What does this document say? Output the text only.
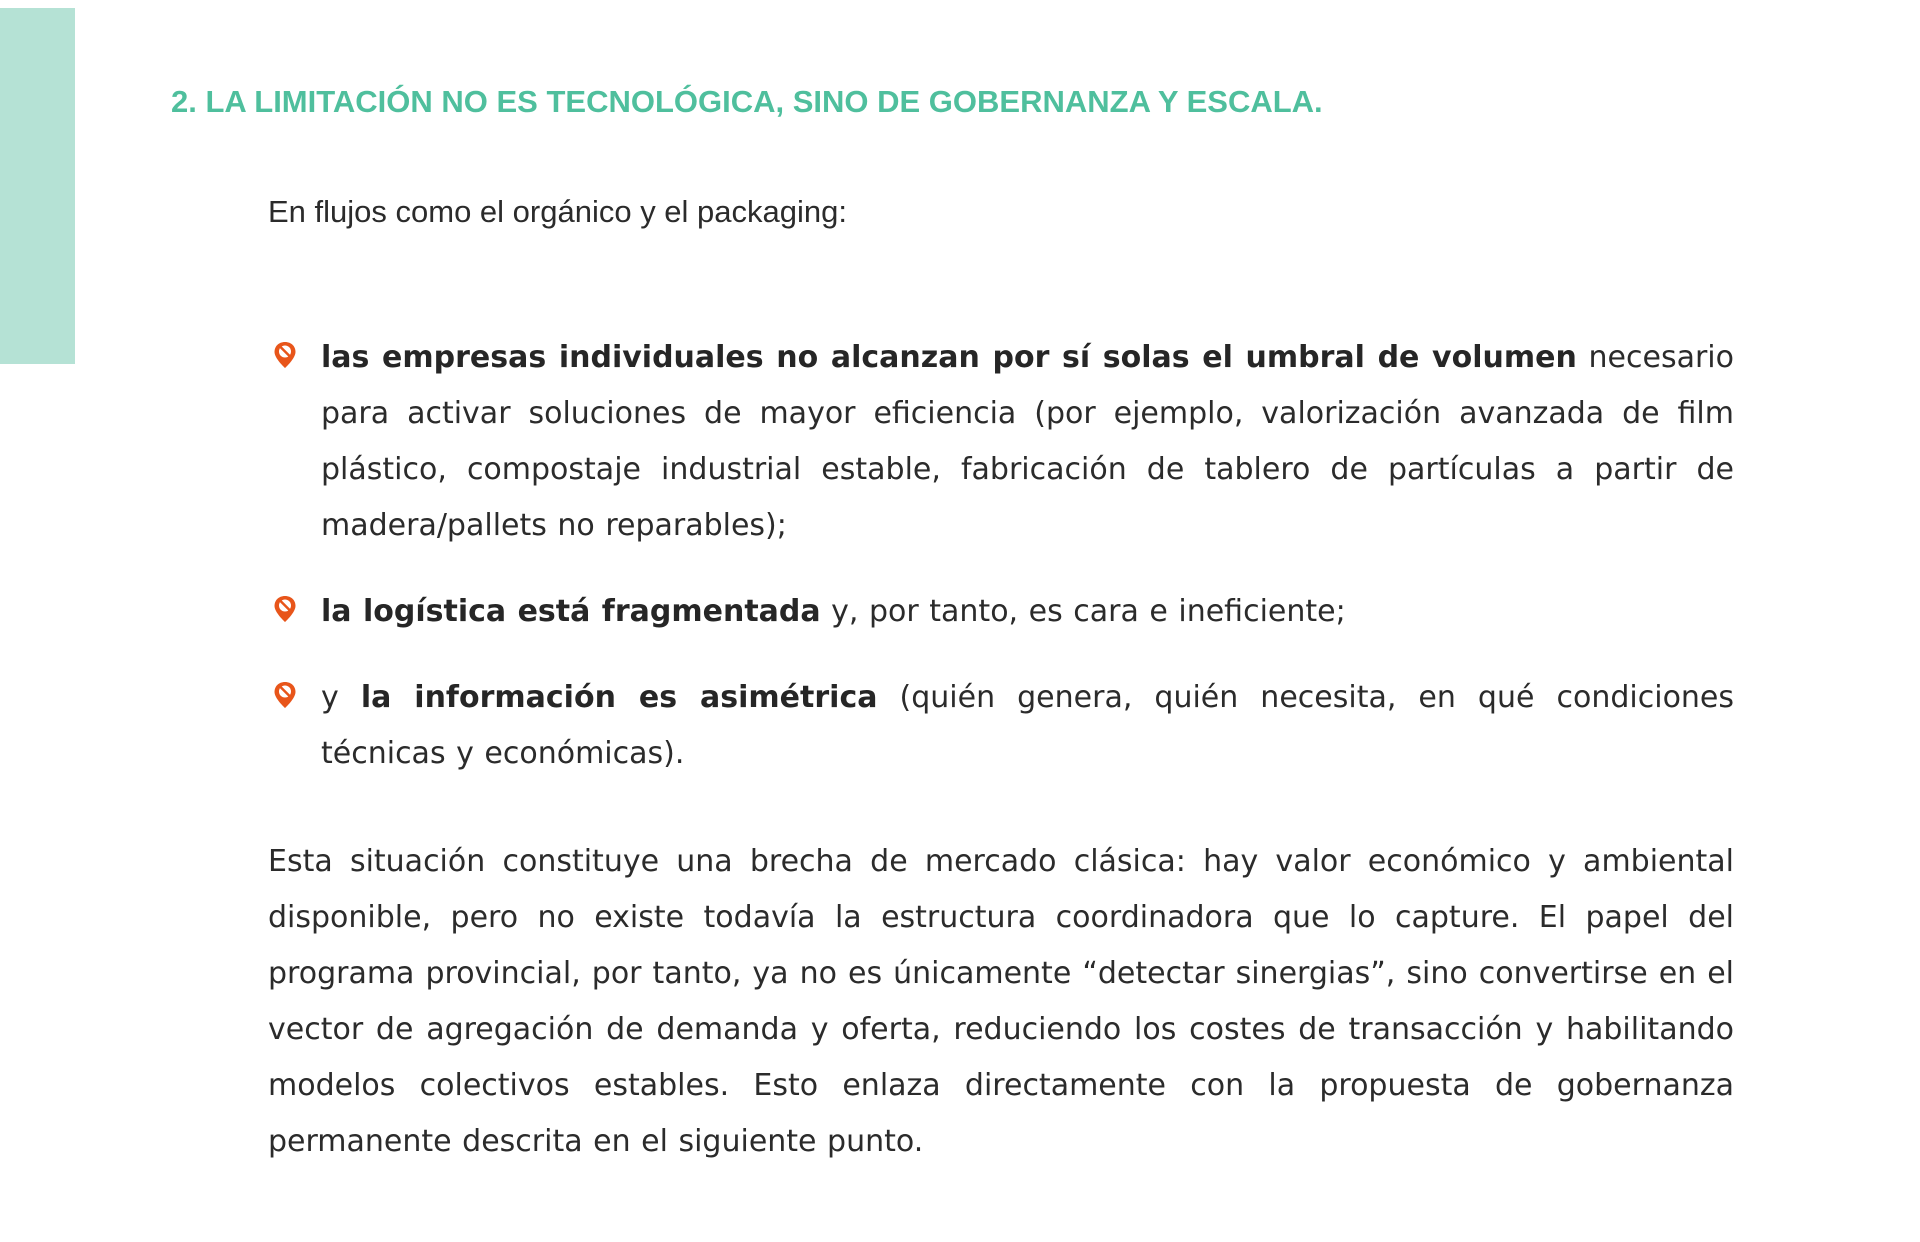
2. LA LIMITACIÓN NO ES TECNOLÓGICA, SINO DE GOBERNANZA Y ESCALA.

En flujos como el orgánico y el packaging:

las empresas individuales no alcanzan por sí solas el umbral de volumen necesario para activar soluciones de mayor eficiencia (por ejemplo, valorización avanzada de film plástico, compostaje industrial estable, fabricación de tablero de partículas a partir de madera/pallets no reparables);
la logística está fragmentada y, por tanto, es cara e ineficiente;
y la información es asimétrica (quién genera, quién necesita, en qué condiciones técnicas y económicas).

Esta situación constituye una brecha de mercado clásica: hay valor económico y ambiental disponible, pero no existe todavía la estructura coordinadora que lo capture. El papel del programa provincial, por tanto, ya no es únicamente “detectar sinergias”, sino convertirse en el vector de agregación de demanda y oferta, reduciendo los costes de transacción y habilitando modelos colectivos estables. Esto enlaza directamente con la propuesta de gobernanza permanente descrita en el siguiente punto.
